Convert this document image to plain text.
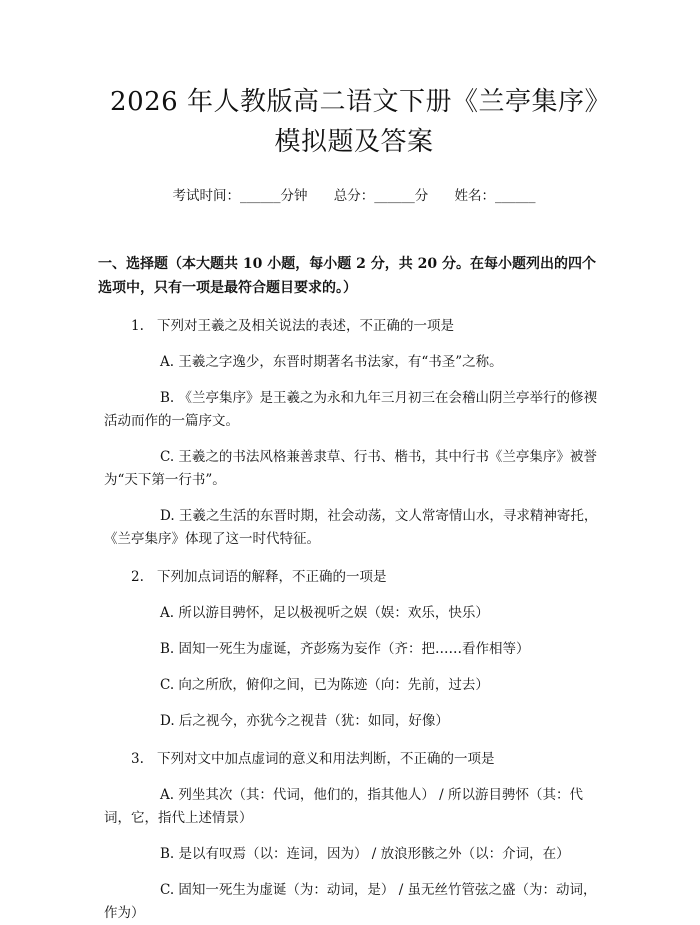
2026 年人教版高二语文下册《兰亭集序》模拟题及答案
考试时间：______分钟 总分：______分 姓名：______
一、选择题（本大题共 10 小题，每小题 2 分，共 20 分。在每小题列出的四个选项中，只有一项是最符合题目要求的。）
1. 下列对王羲之及相关说法的表述，不正确的一项是
A. 王羲之字逸少，东晋时期著名书法家，有“书圣”之称。
B. 《兰亭集序》是王羲之为永和九年三月初三在会稽山阴兰亭举行的修禊活动而作的一篇序文。
C. 王羲之的书法风格兼善隶草、行书、楷书，其中行书《兰亭集序》被誉为“天下第一行书”。
D. 王羲之生活的东晋时期，社会动荡，文人常寄情山水，寻求精神寄托，《兰亭集序》体现了这一时代特征。
2. 下列加点词语的解释，不正确的一项是
A. 所以游目骋怀，足以极视听之娱（娱：欢乐，快乐）
B. 固知一死生为虚诞，齐彭殇为妄作（齐：把……看作相等）
C. 向之所欣，俯仰之间，已为陈迹（向：先前，过去）
D. 后之视今，亦犹今之视昔（犹：如同，好像）
3. 下列对文中加点虚词的意义和用法判断，不正确的一项是
A. 列坐其次（其：代词，他们的，指其他人） / 所以游目骋怀（其：代词，它，指代上述情景）
B. 是以有叹焉（以：连词，因为） / 放浪形骸之外（以：介词，在）
C. 固知一死生为虚诞（为：动词，是） / 虽无丝竹管弦之盛（为：动词，作为）
